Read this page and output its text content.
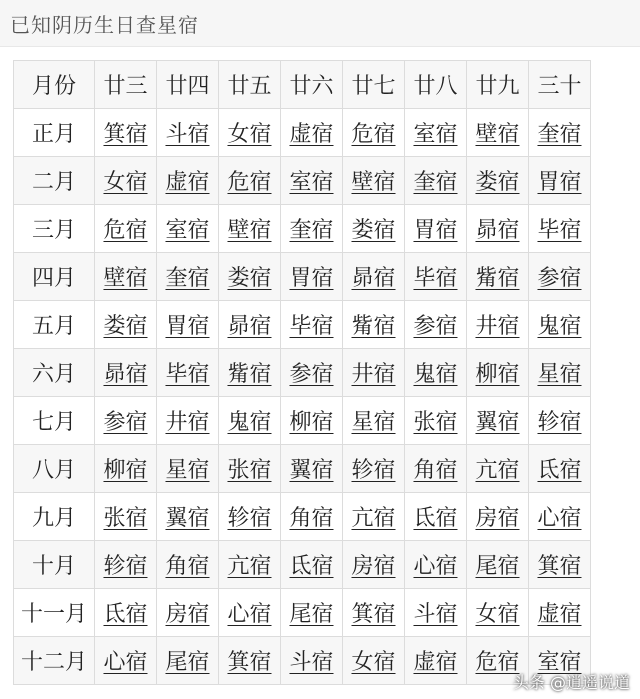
已知阴历生日查星宿
月份	廿三	廿四	廿五	廿六	廿七	廿八	廿九	三十
正月	箕宿	斗宿	女宿	虚宿	危宿	室宿	壁宿	奎宿
二月	女宿	虚宿	危宿	室宿	壁宿	奎宿	娄宿	胃宿
三月	危宿	室宿	壁宿	奎宿	娄宿	胃宿	昴宿	毕宿
四月	壁宿	奎宿	娄宿	胃宿	昴宿	毕宿	觜宿	参宿
五月	娄宿	胃宿	昴宿	毕宿	觜宿	参宿	井宿	鬼宿
六月	昴宿	毕宿	觜宿	参宿	井宿	鬼宿	柳宿	星宿
七月	参宿	井宿	鬼宿	柳宿	星宿	张宿	翼宿	轸宿
八月	柳宿	星宿	张宿	翼宿	轸宿	角宿	亢宿	氐宿
九月	张宿	翼宿	轸宿	角宿	亢宿	氐宿	房宿	心宿
十月	轸宿	角宿	亢宿	氐宿	房宿	心宿	尾宿	箕宿
十一月	氐宿	房宿	心宿	尾宿	箕宿	斗宿	女宿	虚宿
十二月	心宿	尾宿	箕宿	斗宿	女宿	虚宿	危宿	室宿
头条 @逍遥说道
